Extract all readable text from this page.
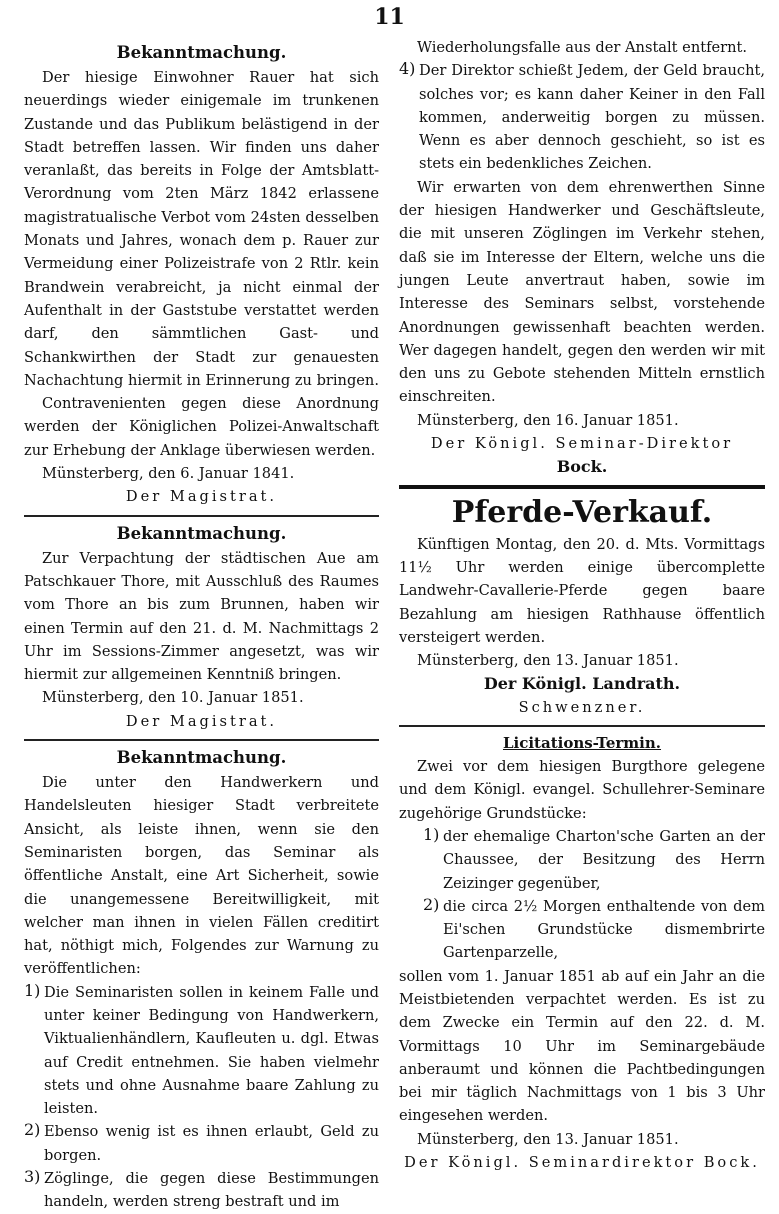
11

Bekanntmachung.

Der hiesige Einwohner Rauer hat sich neuerdings wieder einigemale im trunkenen Zustande und das Publikum belästigend in der Stadt betreffen lassen. Wir finden uns daher veranlaßt, das bereits in Folge der Amtsblatt-Verordnung vom 2ten März 1842 erlassene magistratualische Verbot vom 24sten desselben Monats und Jahres, wonach dem p. Rauer zur Vermeidung einer Polizeistrafe von 2 Rtlr. kein Brandwein verabreicht, ja nicht einmal der Aufenthalt in der Gaststube verstattet werden darf, den sämmtlichen Gast- und Schankwirthen der Stadt zur genauesten Nachachtung hiermit in Erinnerung zu bringen.

Contravenienten gegen diese Anordnung werden der Königlichen Polizei-Anwaltschaft zur Erhebung der Anklage überwiesen werden.

Münsterberg, den 6. Januar 1841.

Der Magistrat.

Bekanntmachung.

Zur Verpachtung der städtischen Aue am Patschkauer Thore, mit Ausschluß des Raumes vom Thore an bis zum Brunnen, haben wir einen Termin auf den 21. d. M. Nachmittags 2 Uhr im Sessions-Zimmer angesetzt, was wir hiermit zur allgemeinen Kenntniß bringen.

Münsterberg, den 10. Januar 1851.

Der Magistrat.

Bekanntmachung.

Die unter den Handwerkern und Handelsleuten hiesiger Stadt verbreitete Ansicht, als leiste ihnen, wenn sie den Seminaristen borgen, das Seminar als öffentliche Anstalt, eine Art Sicherheit, sowie die unangemessene Bereitwilligkeit, mit welcher man ihnen in vielen Fällen creditirt hat, nöthigt mich, Folgendes zur Warnung zu veröffentlichen:

1) Die Seminaristen sollen in keinem Falle und unter keiner Bedingung von Handwerkern, Viktualienhändlern, Kaufleuten u. dgl. Etwas auf Credit entnehmen. Sie haben vielmehr stets und ohne Ausnahme baare Zahlung zu leisten.

2) Ebenso wenig ist es ihnen erlaubt, Geld zu borgen.

3) Zöglinge, die gegen diese Bestimmungen handeln, werden streng bestraft und im

Wiederholungsfalle aus der Anstalt entfernt.

4) Der Direktor schießt Jedem, der Geld braucht, solches vor; es kann daher Keiner in den Fall kommen, anderweitig borgen zu müssen. Wenn es aber dennoch geschieht, so ist es stets ein bedenkliches Zeichen.

Wir erwarten von dem ehrenwerthen Sinne der hiesigen Handwerker und Geschäftsleute, die mit unseren Zöglingen im Verkehr stehen, daß sie im Interesse der Eltern, welche uns die jungen Leute anvertraut haben, sowie im Interesse des Seminars selbst, vorstehende Anordnungen gewissenhaft beachten werden. Wer dagegen handelt, gegen den werden wir mit den uns zu Gebote stehenden Mitteln ernstlich einschreiten.

Münsterberg, den 16. Januar 1851.

Der Königl. Seminar-Direktor

Bock.

Pferde-Verkauf.

Künftigen Montag, den 20. d. Mts. Vormittags 11½ Uhr werden einige übercomplette Landwehr-Cavallerie-Pferde gegen baare Bezahlung am hiesigen Rathhause öffentlich versteigert werden.

Münsterberg, den 13. Januar 1851.

Der Königl. Landrath.

Schwenzner.

Licitations-Termin.

Zwei vor dem hiesigen Burgthore gelegene und dem Königl. evangel. Schullehrer-Seminare zugehörige Grundstücke:

1) der ehemalige Charton'sche Garten an der Chaussee, der Besitzung des Herrn Zeizinger gegenüber,

2) die circa 2½ Morgen enthaltende von dem Ei'schen Grundstücke dismembrirte Gartenparzelle,

sollen vom 1. Januar 1851 ab auf ein Jahr an die Meistbietenden verpachtet werden. Es ist zu dem Zwecke ein Termin auf den 22. d. M. Vormittags 10 Uhr im Seminargebäude anberaumt und können die Pachtbedingungen bei mir täglich Nachmittags von 1 bis 3 Uhr eingesehen werden.

Münsterberg, den 13. Januar 1851.

Der Königl. Seminardirektor Bock.
